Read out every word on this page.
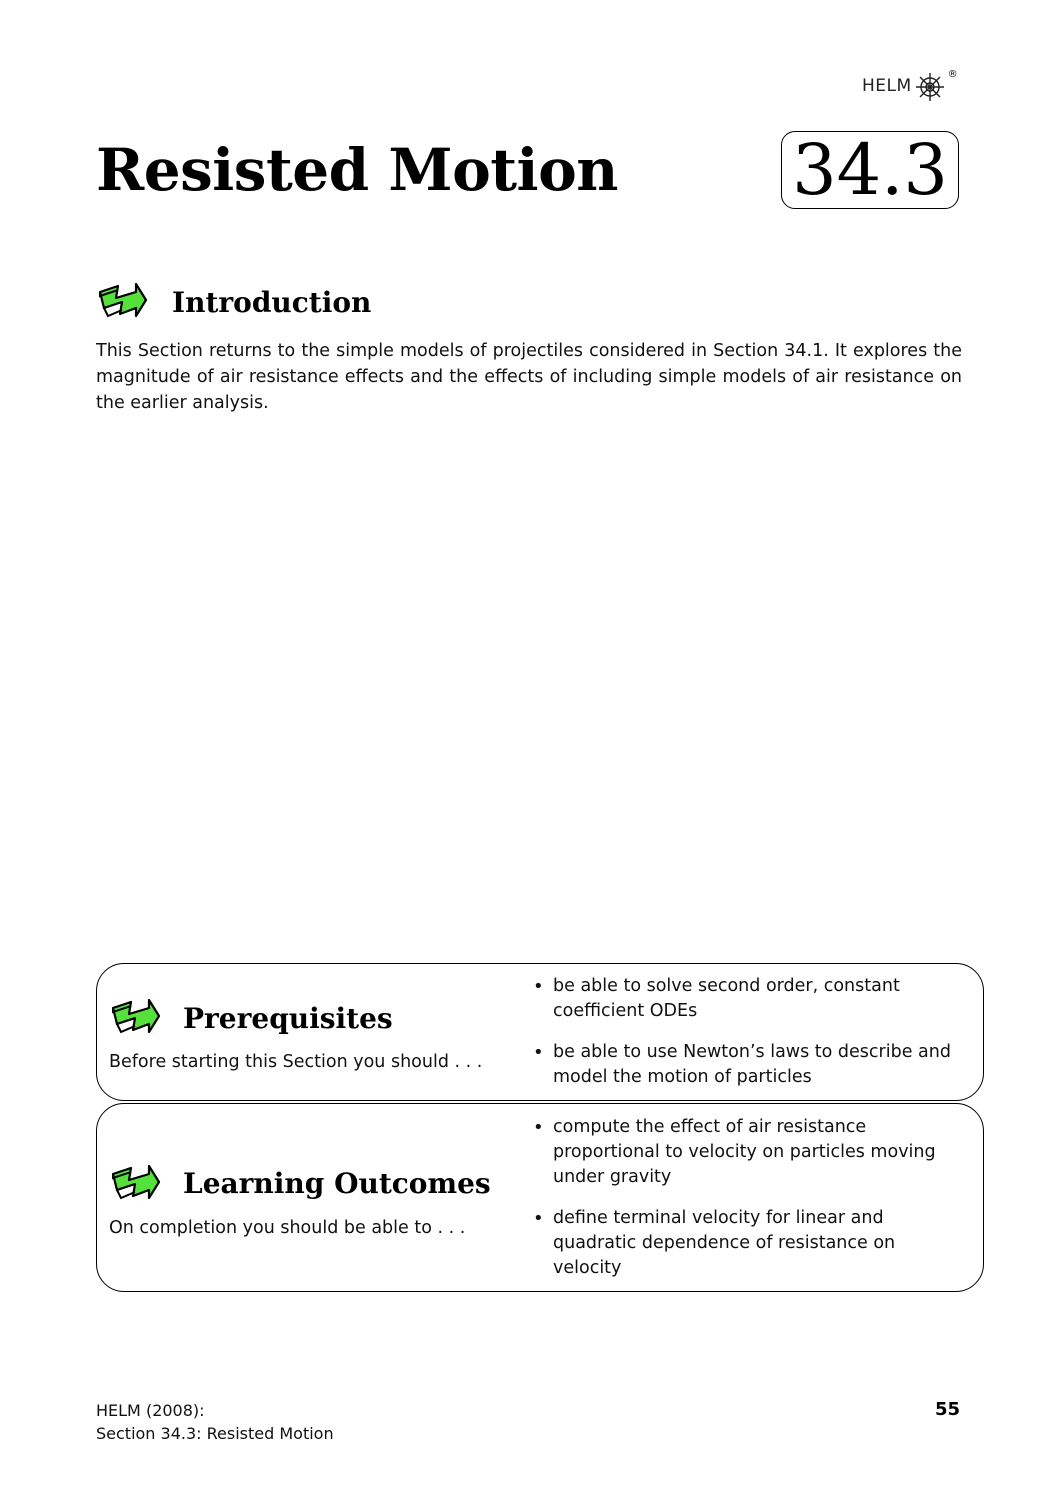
HELM
®
Resisted Motion 34.3
Introduction

This Section returns to the simple models of projectiles considered in Section 34.1. It explores the magnitude of air resistance effects and the effects of including simple models of air resistance on the earlier analysis.

Prerequisites
Before starting this Section you should . . .
• be able to solve second order, constant coefficient ODEs
• be able to use Newton’s laws to describe and model the motion of particles
Learning Outcomes
On completion you should be able to . . .
• compute the effect of air resistance proportional to velocity on particles moving under gravity
• define terminal velocity for linear and quadratic dependence of resistance on velocity
HELM (2008):
Section 34.3: Resisted Motion
55
